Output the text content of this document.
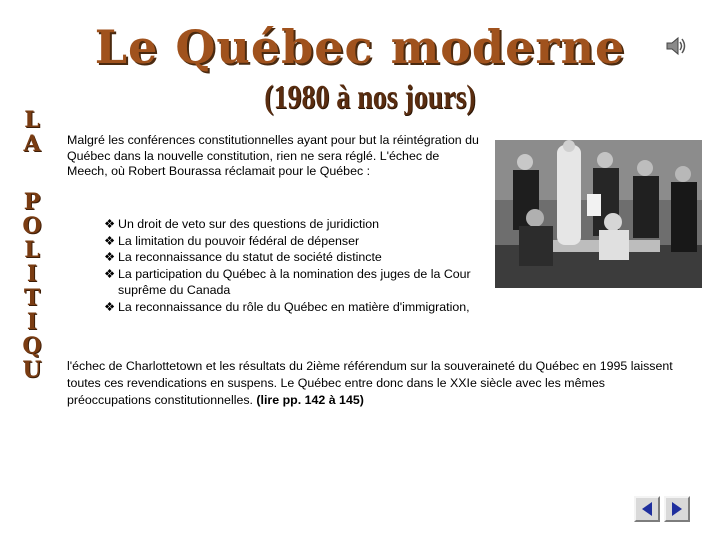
Le Québec moderne
(1980 à nos jours)
L
A
P
O
L
I
T
I
Q
U
Malgré les conférences constitutionnelles ayant pour but la réintégration du Québec dans la nouvelle constitution, rien ne sera réglé. L'échec de Meech, où Robert Bourassa réclamait pour le Québec :
❖ Un droit de veto sur des questions de juridiction
❖ La limitation du pouvoir fédéral de dépenser
❖ La reconnaissance du statut de société distincte
❖ La participation du Québec à la nomination des juges de la Cour suprême du Canada
❖ La reconnaissance du rôle du Québec en matière d'immigration,
l'échec de Charlottetown et les résultats du 2ième référendum sur la souveraineté du Québec en 1995 laissent toutes ces revendications en suspens. Le Québec entre donc dans le XXIe siècle avec les mêmes préoccupations constitutionnelles. (lire pp. 142 à 145)
